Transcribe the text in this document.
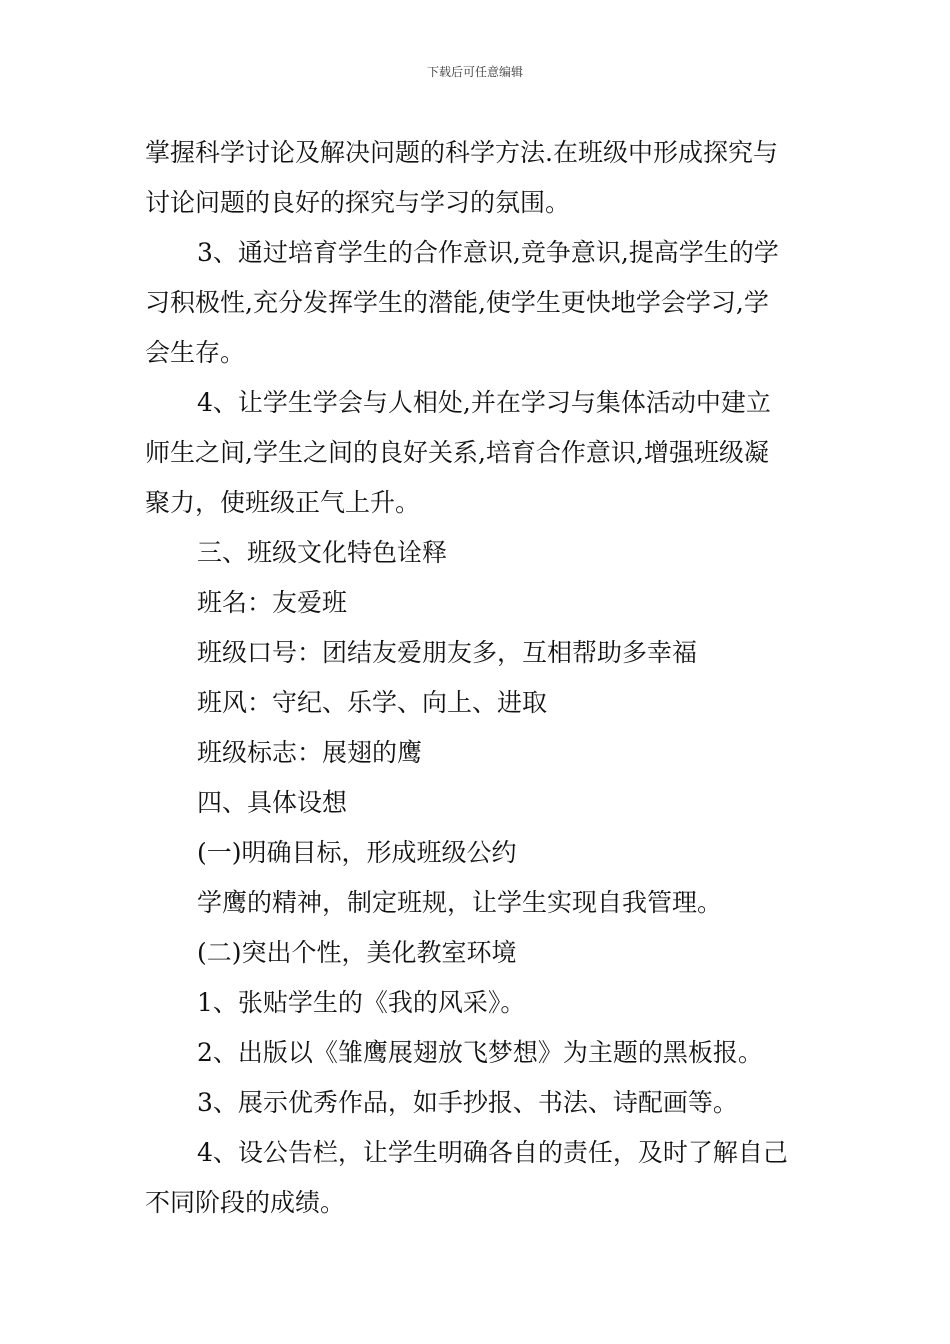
下载后可任意编辑
掌握科学讨论及解决问题的科学方法.在班级中形成探究与
讨论问题的良好的探究与学习的氛围。
3、通过培育学生的合作意识,竞争意识,提高学生的学
习积极性,充分发挥学生的潜能,使学生更快地学会学习,学
会生存。
4、让学生学会与人相处,并在学习与集体活动中建立
师生之间,学生之间的良好关系,培育合作意识,增强班级凝
聚力，使班级正气上升。
三、班级文化特色诠释
班名：友爱班
班级口号：团结友爱朋友多，互相帮助多幸福
班风：守纪、乐学、向上、进取
班级标志：展翅的鹰
四、具体设想
(一)明确目标，形成班级公约
学鹰的精神，制定班规，让学生实现自我管理。
(二)突出个性，美化教室环境
1、张贴学生的《我的风采》。
2、出版以《雏鹰展翅放飞梦想》为主题的黑板报。
3、展示优秀作品，如手抄报、书法、诗配画等。
4、设公告栏，让学生明确各自的责任，及时了解自己
不同阶段的成绩。
